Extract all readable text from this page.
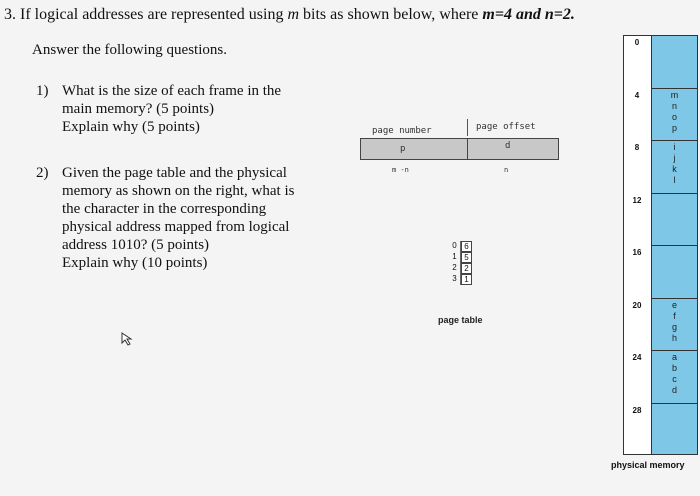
3. If logical addresses are represented using m bits as shown below, where m=4 and n=2.
Answer the following questions.
1) What is the size of each frame in the
main memory? (5 points)
Explain why (5 points)
2) Given the page table and the physical
memory as shown on the right, what is
the character in the corresponding
physical address mapped from logical
address 1010? (5 points)
Explain why (10 points)
page number	page offset
p	d
m -n	n
0 6
1 5
2 2
3 1
page table
0
4	m
n
o
p
8	i
j
k
l
12
16
20	e
f
g
h
24	a
b
c
d
28
physical memory
